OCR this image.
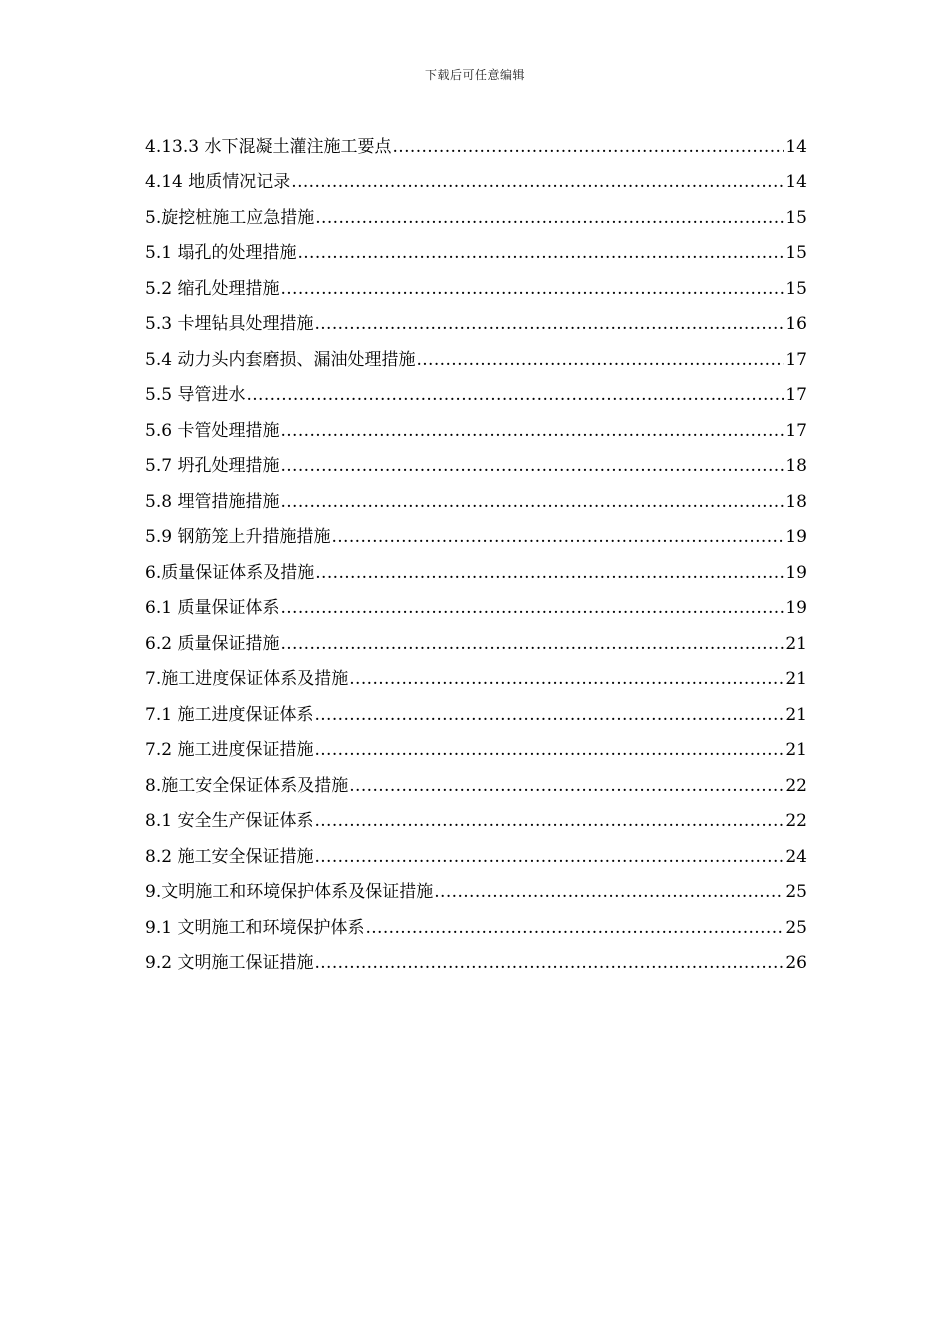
下载后可任意编辑
4.13.3 水下混凝土灌注施工要点 .....	14
4.14 地质情况记录 .....	14
5.旋挖桩施工应急措施 .....	15
5.1 塌孔的处理措施 .....	15
5.2 缩孔处理措施 .....	15
5.3 卡埋钻具处理措施 .....	16
5.4 动力头内套磨损、漏油处理措施 .....	17
5.5 导管进水 .....	17
5.6 卡管处理措施 .....	17
5.7 坍孔处理措施 .....	18
5.8 埋管措施措施 .....	18
5.9 钢筋笼上升措施措施 .....	19
6.质量保证体系及措施 .....	19
6.1 质量保证体系 .....	19
6.2 质量保证措施 .....	21
7.施工进度保证体系及措施 .....	21
7.1 施工进度保证体系 .....	21
7.2 施工进度保证措施 .....	21
8.施工安全保证体系及措施 .....	22
8.1 安全生产保证体系 .....	22
8.2 施工安全保证措施 .....	24
9.文明施工和环境保护体系及保证措施 .....	25
9.1 文明施工和环境保护体系 .....	25
9.2 文明施工保证措施 .....	26
